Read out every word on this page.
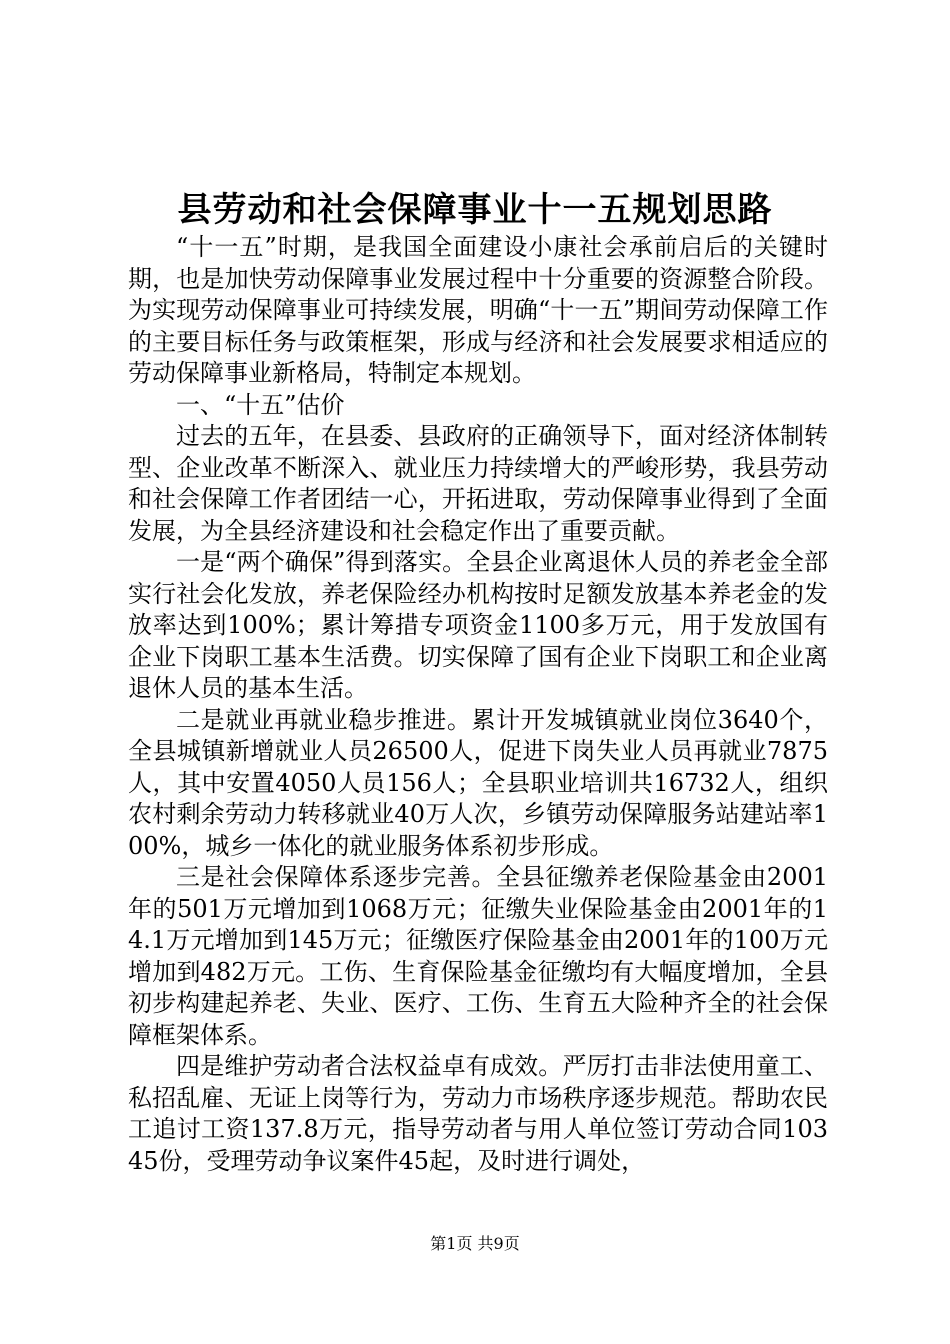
县劳动和社会保障事业十一五规划思路

“十一五”时期，是我国全面建设小康社会承前启后的关键时期，也是加快劳动保障事业发展过程中十分重要的资源整合阶段。为实现劳动保障事业可持续发展，明确“十一五”期间劳动保障工作的主要目标任务与政策框架，形成与经济和社会发展要求相适应的劳动保障事业新格局，特制定本规划。

一、“十五”估价

过去的五年，在县委、县政府的正确领导下，面对经济体制转型、企业改革不断深入、就业压力持续增大的严峻形势，我县劳动和社会保障工作者团结一心，开拓进取，劳动保障事业得到了全面发展，为全县经济建设和社会稳定作出了重要贡献。

一是“两个确保”得到落实。全县企业离退休人员的养老金全部实行社会化发放，养老保险经办机构按时足额发放基本养老金的发放率达到100%；累计筹措专项资金1100多万元，用于发放国有企业下岗职工基本生活费。切实保障了国有企业下岗职工和企业离退休人员的基本生活。

二是就业再就业稳步推进。累计开发城镇就业岗位3640个，全县城镇新增就业人员26500人，促进下岗失业人员再就业7875人，其中安置4050人员156人；全县职业培训共16732人，组织农村剩余劳动力转移就业40万人次，乡镇劳动保障服务站建站率100%，城乡一体化的就业服务体系初步形成。

三是社会保障体系逐步完善。全县征缴养老保险基金由2001年的501万元增加到1068万元；征缴失业保险基金由2001年的14.1万元增加到145万元；征缴医疗保险基金由2001年的100万元增加到482万元。工伤、生育保险基金征缴均有大幅度增加，全县初步构建起养老、失业、医疗、工伤、生育五大险种齐全的社会保障框架体系。

四是维护劳动者合法权益卓有成效。严厉打击非法使用童工、私招乱雇、无证上岗等行为，劳动力市场秩序逐步规范。帮助农民工追讨工资137.8万元，指导劳动者与用人单位签订劳动合同10345份，受理劳动争议案件45起，及时进行调处，

第1页 共9页
